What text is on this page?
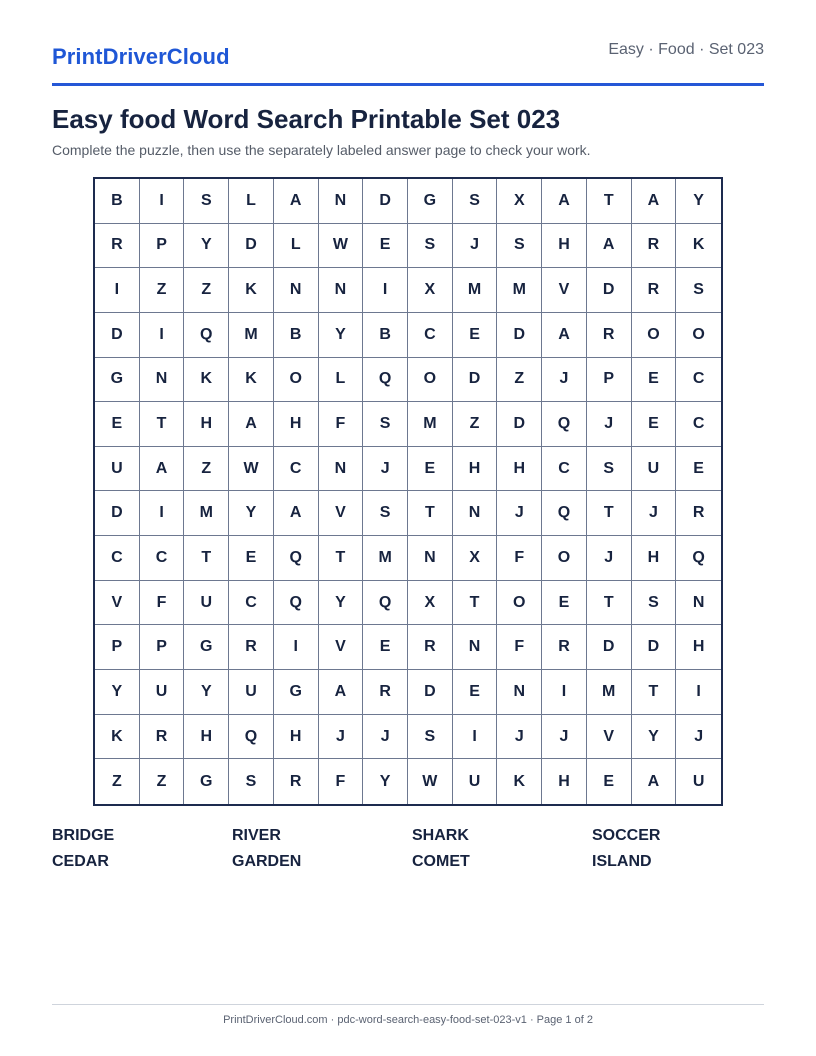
PrintDriverCloud	Easy · Food · Set 023
Easy food Word Search Printable Set 023
Complete the puzzle, then use the separately labeled answer page to check your work.
B	I	S	L	A	N	D	G	S	X	A	T	A	Y
R	P	Y	D	L	W	E	S	J	S	H	A	R	K
I	Z	Z	K	N	N	I	X	M	M	V	D	R	S
D	I	Q	M	B	Y	B	C	E	D	A	R	O	O
G	N	K	K	O	L	Q	O	D	Z	J	P	E	C
E	T	H	A	H	F	S	M	Z	D	Q	J	E	C
U	A	Z	W	C	N	J	E	H	H	C	S	U	E
D	I	M	Y	A	V	S	T	N	J	Q	T	J	R
C	C	T	E	Q	T	M	N	X	F	O	J	H	Q
V	F	U	C	Q	Y	Q	X	T	O	E	T	S	N
P	P	G	R	I	V	E	R	N	F	R	D	D	H
Y	U	Y	U	G	A	R	D	E	N	I	M	T	I
K	R	H	Q	H	J	J	S	I	J	J	V	Y	J
Z	Z	G	S	R	F	Y	W	U	K	H	E	A	U
BRIDGE	RIVER	SHARK	SOCCER
CEDAR	GARDEN	COMET	ISLAND
PrintDriverCloud.com · pdc-word-search-easy-food-set-023-v1 · Page 1 of 2
